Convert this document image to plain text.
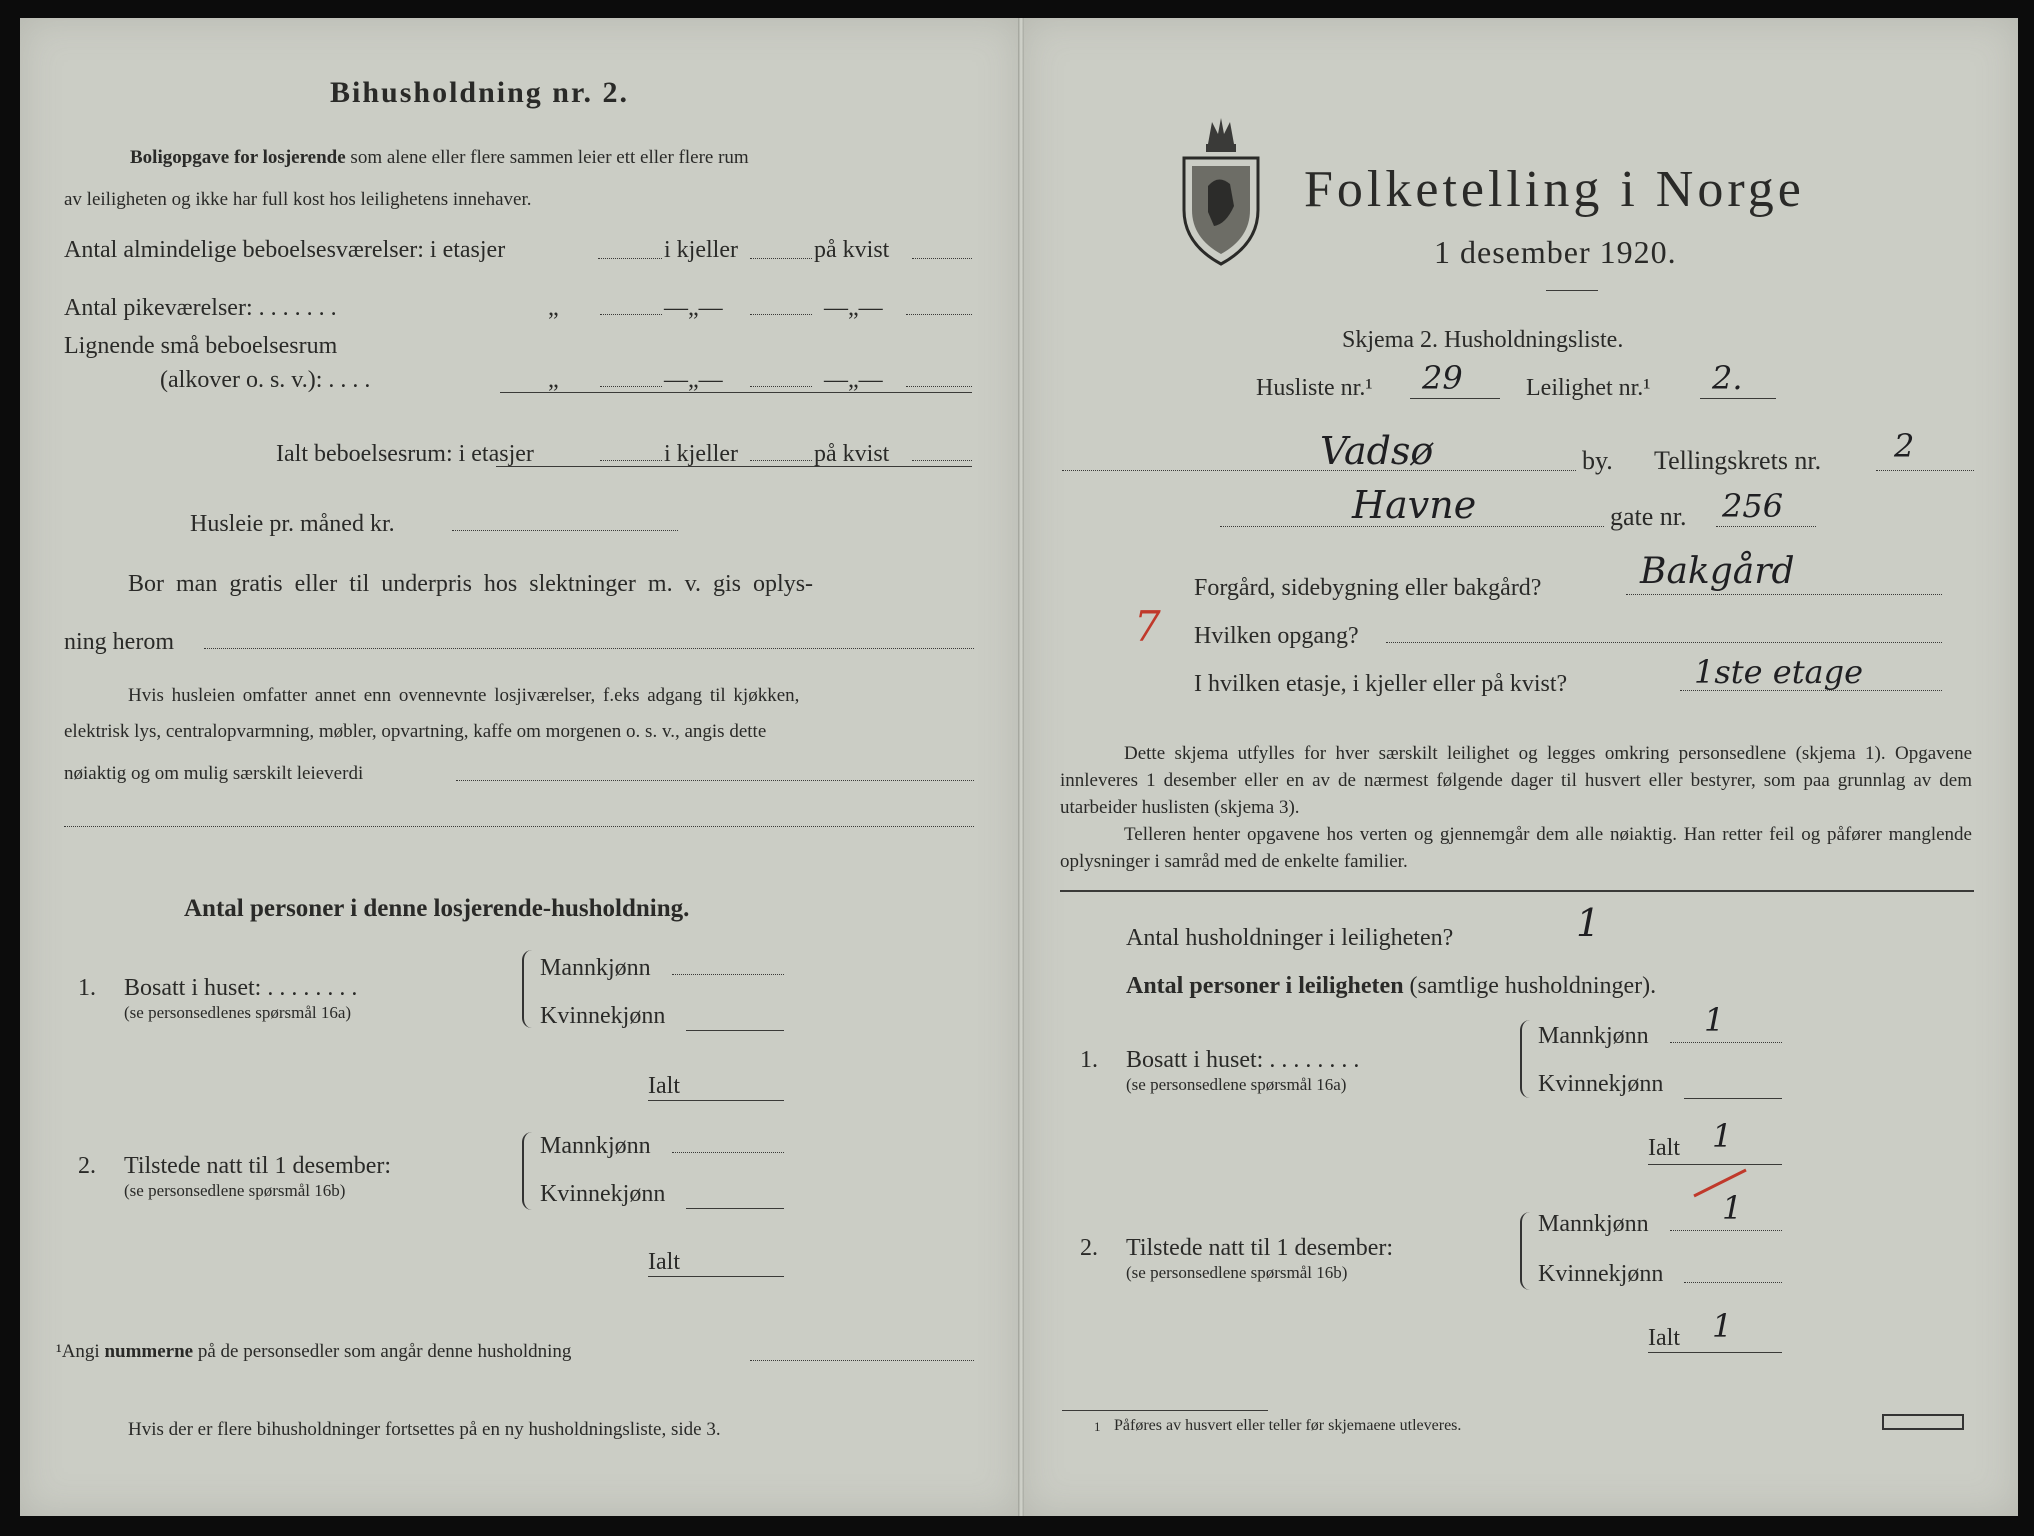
Bihusholdning nr. 2.
Boligopgave for losjerende som alene eller flere sammen leier ett eller flere rum
av leiligheten og ikke har full kost hos leilighetens innehaver.
Antal almindelige beboelsesværelser: i etasjer	i kjeller	på kvist
Antal pikeværelser: . . . . . . .	„	—„—	—„—
Lignende små beboelsesrum
(alkover o. s. v.): . . . .	„	—„—	—„—
Ialt beboelsesrum: i etasjer	i kjeller	på kvist
Husleie pr. måned kr.
Bor man gratis eller til underpris hos slektninger m. v. gis oplys-
ning herom
Hvis husleien omfatter annet enn ovennevnte losjiværelser, f.eks adgang til kjøkken,
elektrisk lys, centralopvarmning, møbler, opvartning, kaffe om morgenen o. s. v., angis dette
nøiaktig og om mulig særskilt leieverdi
Antal personer i denne losjerende-husholdning.
1. Bosatt i huset: . . . . . . . .
(se personsedlenes spørsmål 16a)
Mannkjønn
Kvinnekjønn
Ialt
2. Tilstede natt til 1 desember:
(se personsedlene spørsmål 16b)
Mannkjønn
Kvinnekjønn
Ialt
¹Angi nummerne på de personsedler som angår denne husholdning
Hvis der er flere bihusholdninger fortsettes på en ny husholdningsliste, side 3.
Folketelling i Norge
1 desember 1920.
Skjema 2. Husholdningsliste.
Husliste nr.¹ 29	Leilighet nr.¹ 2.
Vadsø	by. Tellingskrets nr. 2
Havne	gate nr. 256
Forgård, sidebygning eller bakgård?	Bakgård
7 Hvilken opgang?
I hvilken etasje, i kjeller eller på kvist?	1ste etage
Dette skjema utfylles for hver særskilt leilighet og legges omkring personsedlene (skjema 1). Opgavene innleveres 1 desember eller en av de nærmest følgende dager til husvert eller bestyrer, som paa grunnlag av dem utarbeider huslisten (skjema 3).
Telleren henter opgavene hos verten og gjennemgår dem alle nøiaktig. Han retter feil og påfører manglende oplysninger i samråd med de enkelte familier.
Antal husholdninger i leiligheten?	1
Antal personer i leiligheten (samtlige husholdninger).
1. Bosatt i huset: . . . . . . . .
(se personsedlene spørsmål 16a)
Mannkjønn 1
Kvinnekjønn
Ialt 1
2. Tilstede natt til 1 desember:
(se personsedlene spørsmål 16b)
Mannkjønn 1
Kvinnekjønn
Ialt 1
1 Påføres av husvert eller teller før skjemaene utleveres.
